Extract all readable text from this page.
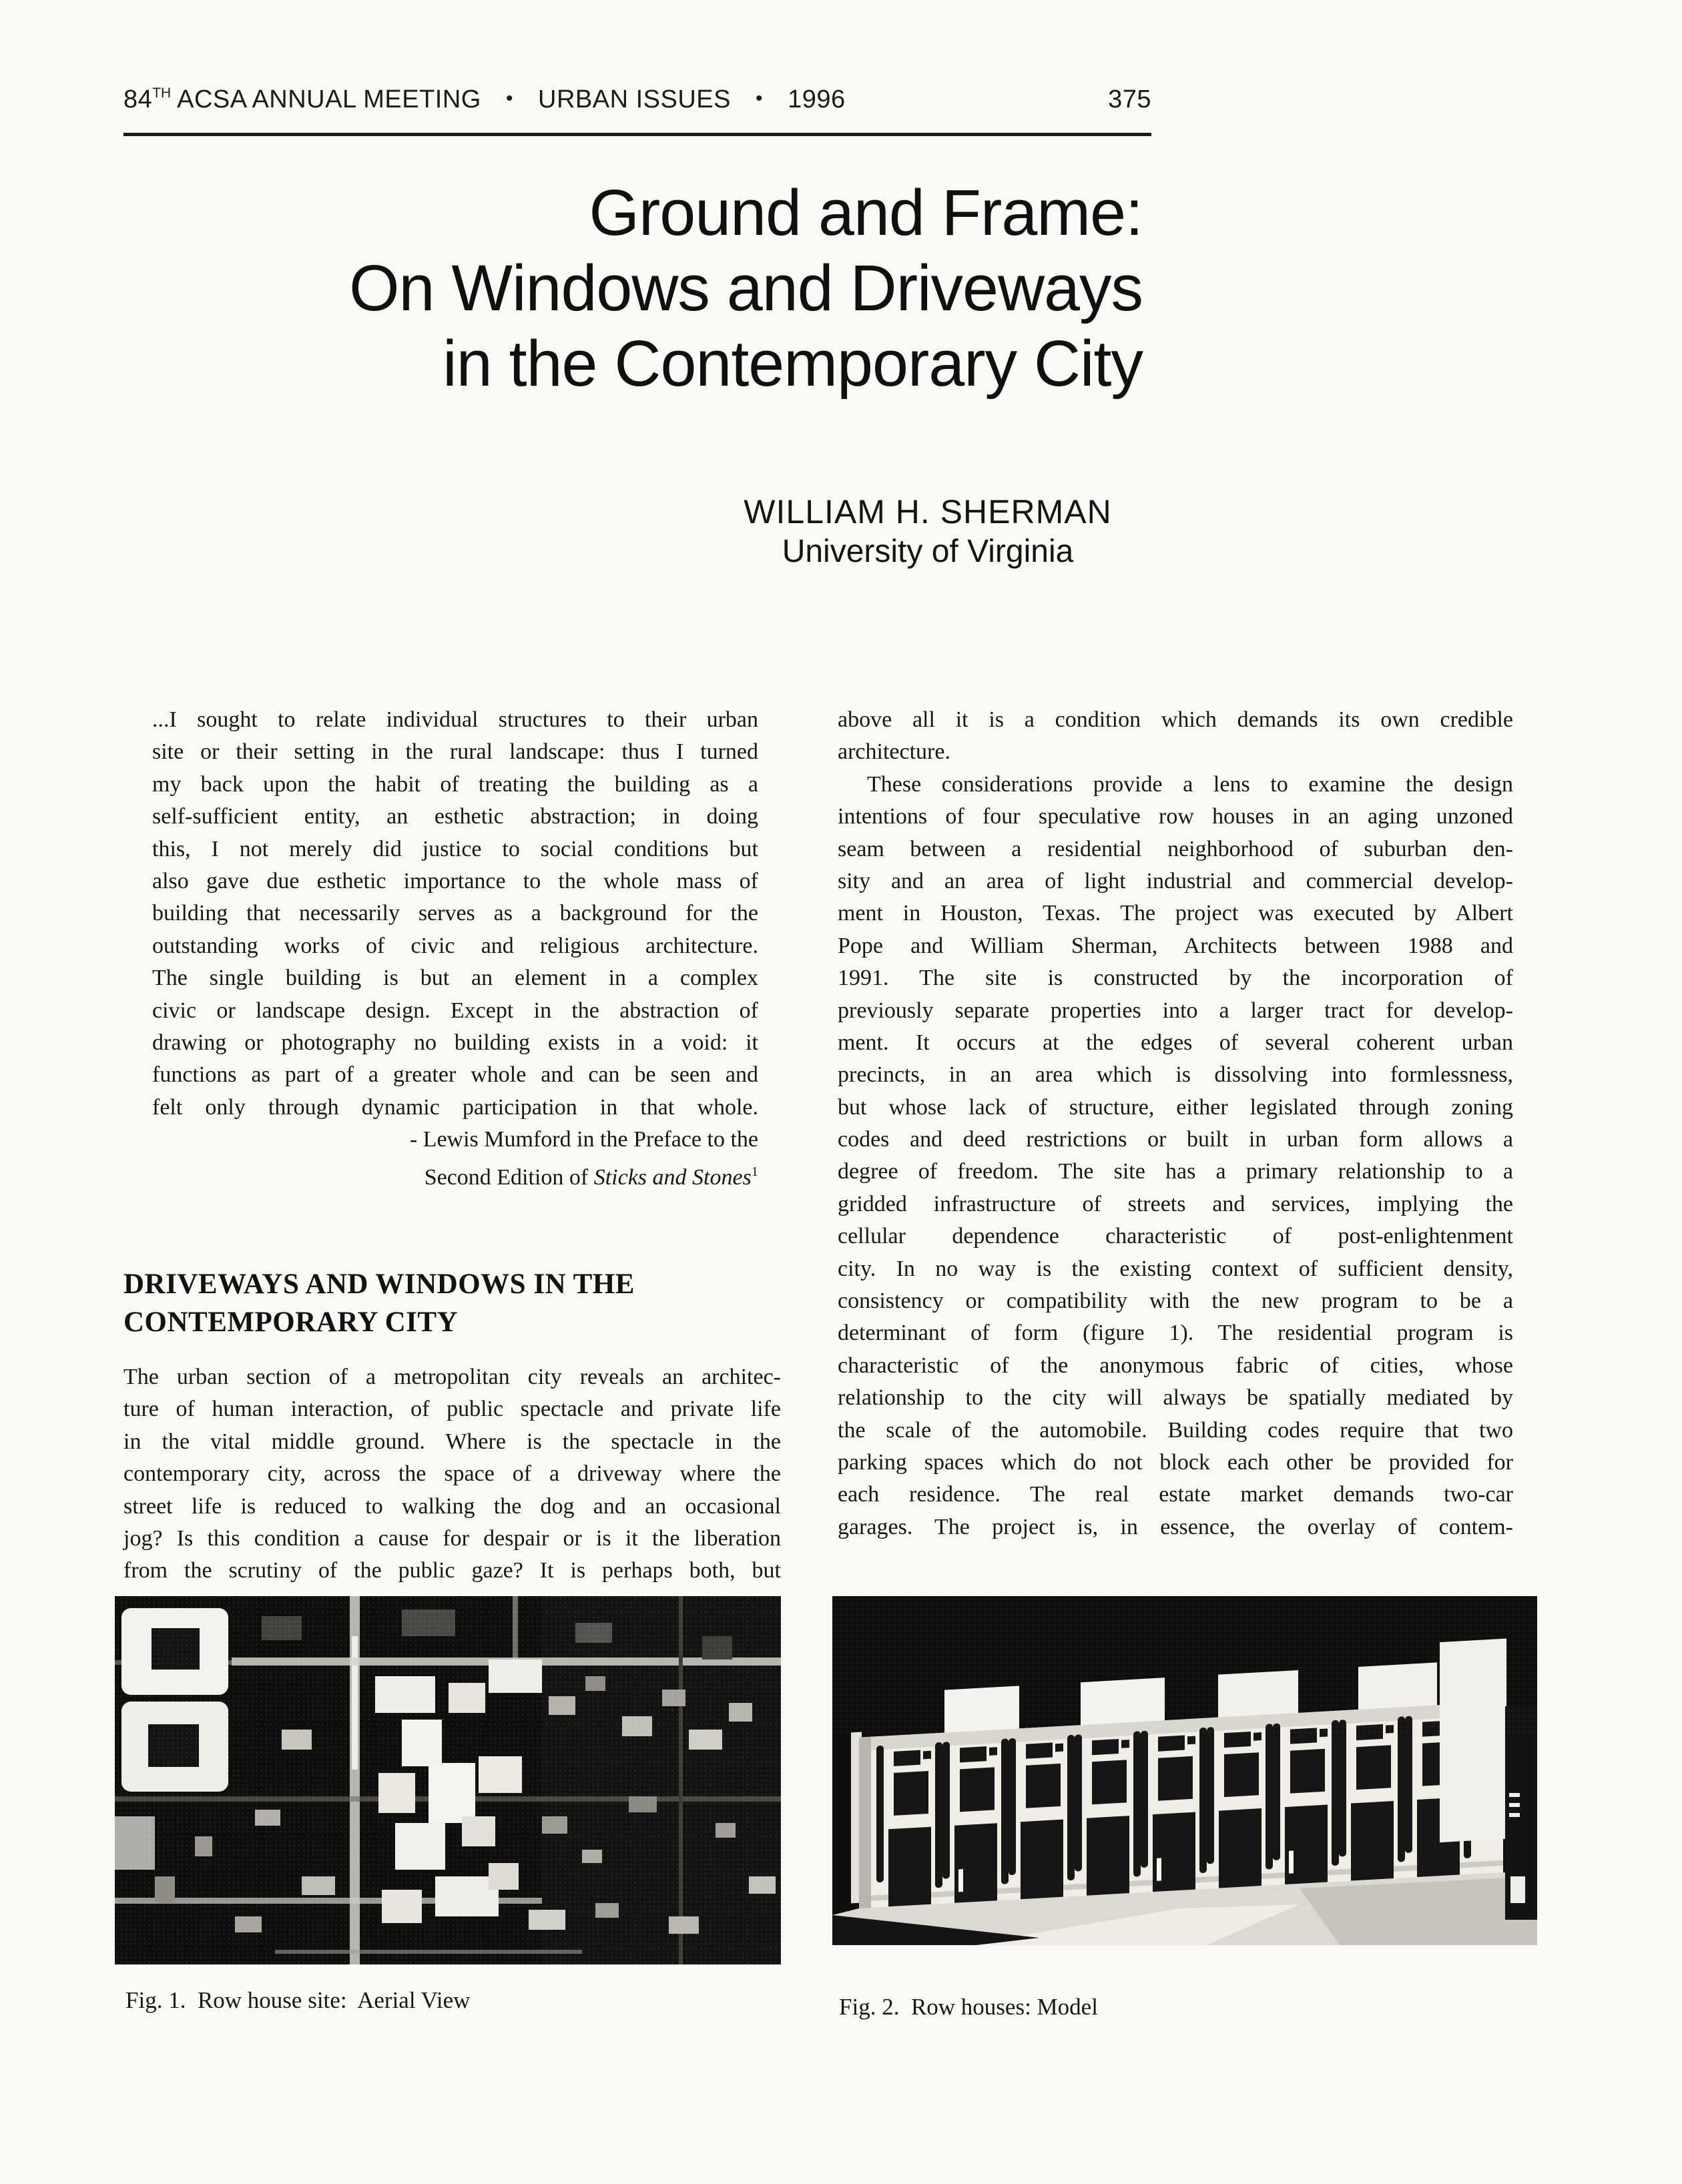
84TH ACSA ANNUAL MEETING • URBAN ISSUES • 1996	375
Ground and Frame:
On Windows and Driveways
in the Contemporary City
WILLIAM H. SHERMAN
University of Virginia
...I sought to relate individual structures to their urban
site or their setting in the rural landscape: thus I turned
my back upon the habit of treating the building as a
self-sufficient entity, an esthetic abstraction; in doing
this, I not merely did justice to social conditions but
also gave due esthetic importance to the whole mass of
building that necessarily serves as a background for the
outstanding works of civic and religious architecture.
The single building is but an element in a complex
civic or landscape design. Except in the abstraction of
drawing or photography no building exists in a void: it
functions as part of a greater whole and can be seen and
felt only through dynamic participation in that whole.
- Lewis Mumford in the Preface to the
Second Edition of Sticks and Stones$^1$
DRIVEWAYS AND WINDOWS IN THE
CONTEMPORARY CITY
The urban section of a metropolitan city reveals an architec-
ture of human interaction, of public spectacle and private life
in the vital middle ground. Where is the spectacle in the
contemporary city, across the space of a driveway where the
street life is reduced to walking the dog and an occasional
jog? Is this condition a cause for despair or is it the liberation
from the scrutiny of the public gaze? It is perhaps both, but
above all it is a condition which demands its own credible
architecture.
These considerations provide a lens to examine the design
intentions of four speculative row houses in an aging unzoned
seam between a residential neighborhood of suburban den-
sity and an area of light industrial and commercial develop-
ment in Houston, Texas. The project was executed by Albert
Pope and William Sherman, Architects between 1988 and
1991. The site is constructed by the incorporation of
previously separate properties into a larger tract for develop-
ment. It occurs at the edges of several coherent urban
precincts, in an area which is dissolving into formlessness,
but whose lack of structure, either legislated through zoning
codes and deed restrictions or built in urban form allows a
degree of freedom. The site has a primary relationship to a
gridded infrastructure of streets and services, implying the
cellular dependence characteristic of post-enlightenment
city. In no way is the existing context of sufficient density,
consistency or compatibility with the new program to be a
determinant of form (figure 1). The residential program is
characteristic of the anonymous fabric of cities, whose
relationship to the city will always be spatially mediated by
the scale of the automobile. Building codes require that two
parking spaces which do not block each other be provided for
each residence. The real estate market demands two-car
garages. The project is, in essence, the overlay of contem-
Fig. 1.  Row house site:  Aerial View	Fig. 2.  Row houses: Model
